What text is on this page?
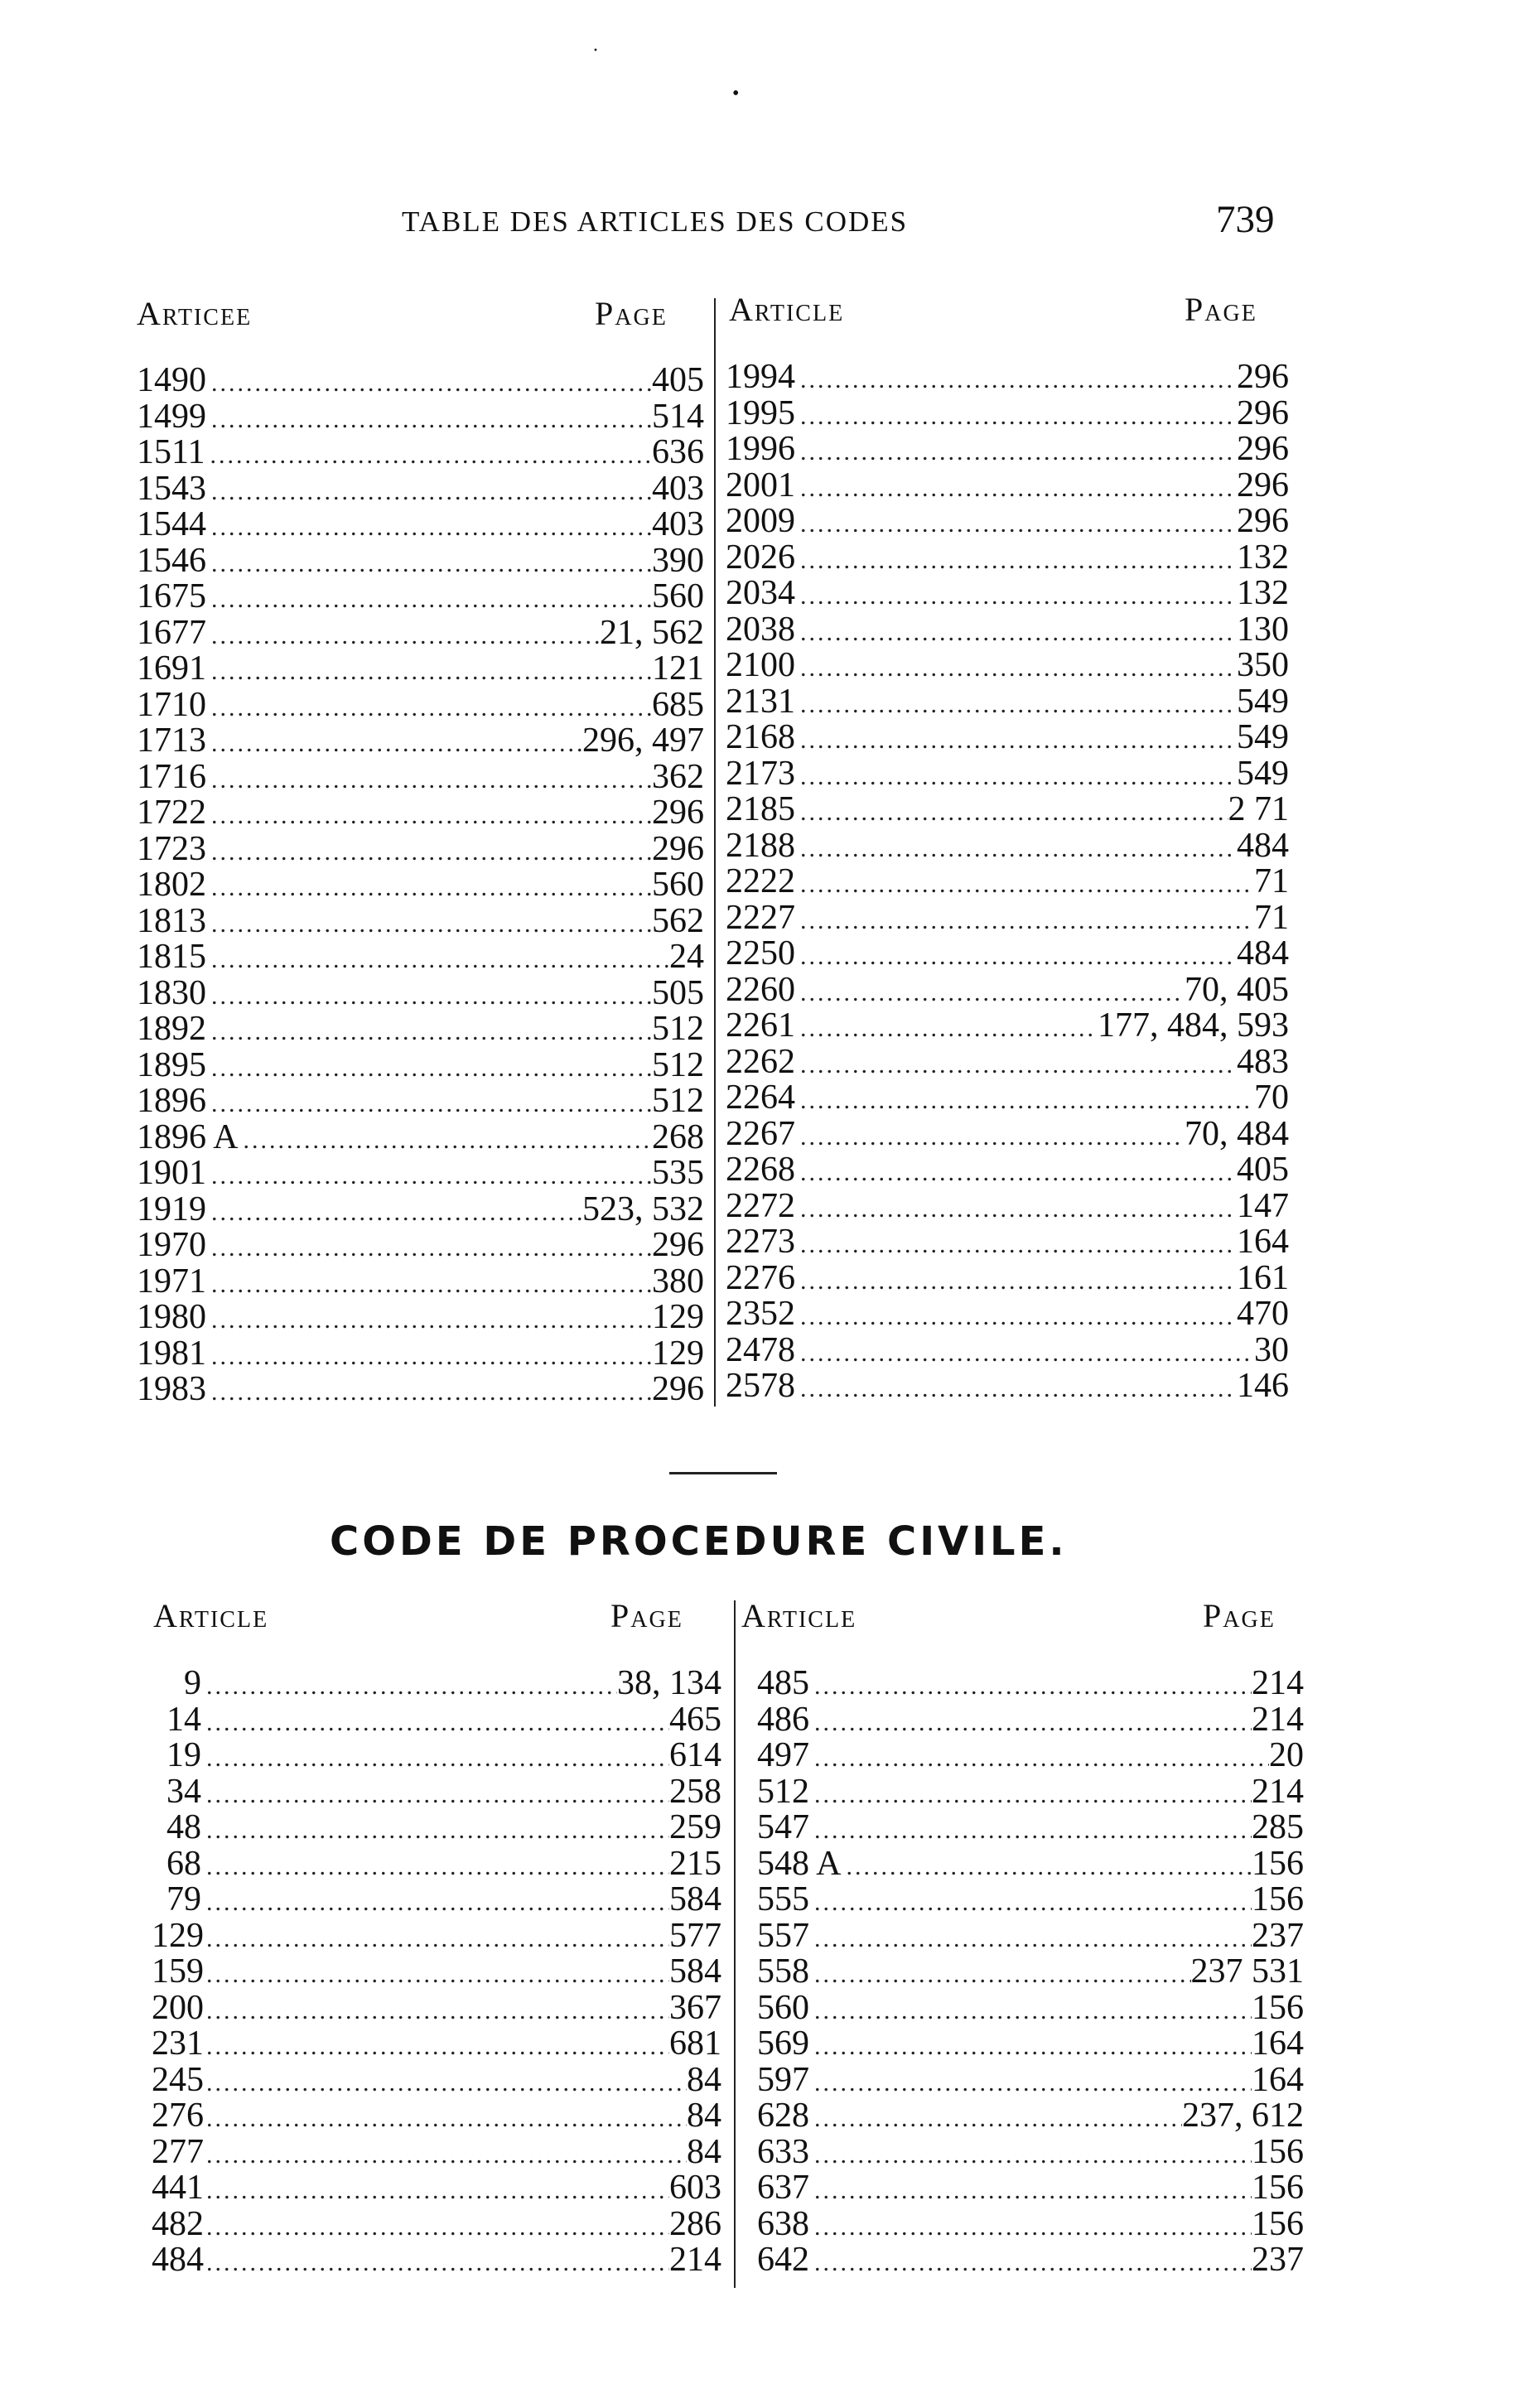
·
•
TABLE DES ARTICLES DES CODES	739
Articee	Page Article	Page
1490 .....	405
1499 .....	514
1511 .....	636
1543 .....	403
1544 .....	403
1546 .....	390
1675 .....	560
1677 .....	21, 562
1691 .....	121
1710 .....	685
1713 .....	296, 497
1716 .....	362
1722 .....	296
1723 .....	296
1802 .....	560
1813 .....	562
1815 .....	24
1830 .....	505
1892 .....	512
1895 .....	512
1896 .....	512
1896 A .....	268
1901 .....	535
1919 .....	523, 532
1970 .....	296
1971 .....	380
1980 .....	129
1981 .....	129
1983 .....	296
1994 .....	296
1995 .....	296
1996 .....	296
2001 .....	296
2009 .....	296
2026 .....	132
2034 .....	132
2038 .....	130
2100 .....	350
2131 .....	549
2168 .....	549
2173 .....	549
2185 .....	2 71
2188 .....	484
2222 .....	71
2227 .....	71
2250 .....	484
2260 .....	70, 405
2261 .....	177, 484, 593
2262 .....	483
2264 .....	70
2267 .....	70, 484
2268 .....	405
2272 .....	147
2273 .....	164
2276 .....	161
2352 .....	470
2478 .....	30
2578 .....	146
CODE DE PROCEDURE CIVILE.
Article	Page Article	Page
9 .....	38, 134
14 .....	465
19 .....	614
34 .....	258
48 .....	259
68 .....	215
79 .....	584
129 .....	577
159 .....	584
200 .....	367
231 .....	681
245 .....	84
276 .....	84
277 .....	84
441 .....	603
482 .....	286
484 .....	214
485 .....	214
486 .....	214
497 .....	20
512 .....	214
547 .....	285
548 A .....	156
555 .....	156
557 .....	237
558 .....	237 531
560 .....	156
569 .....	164
597 .....	164
628 .....	237, 612
633 .....	156
637 .....	156
638 .....	156
642 .....	237
